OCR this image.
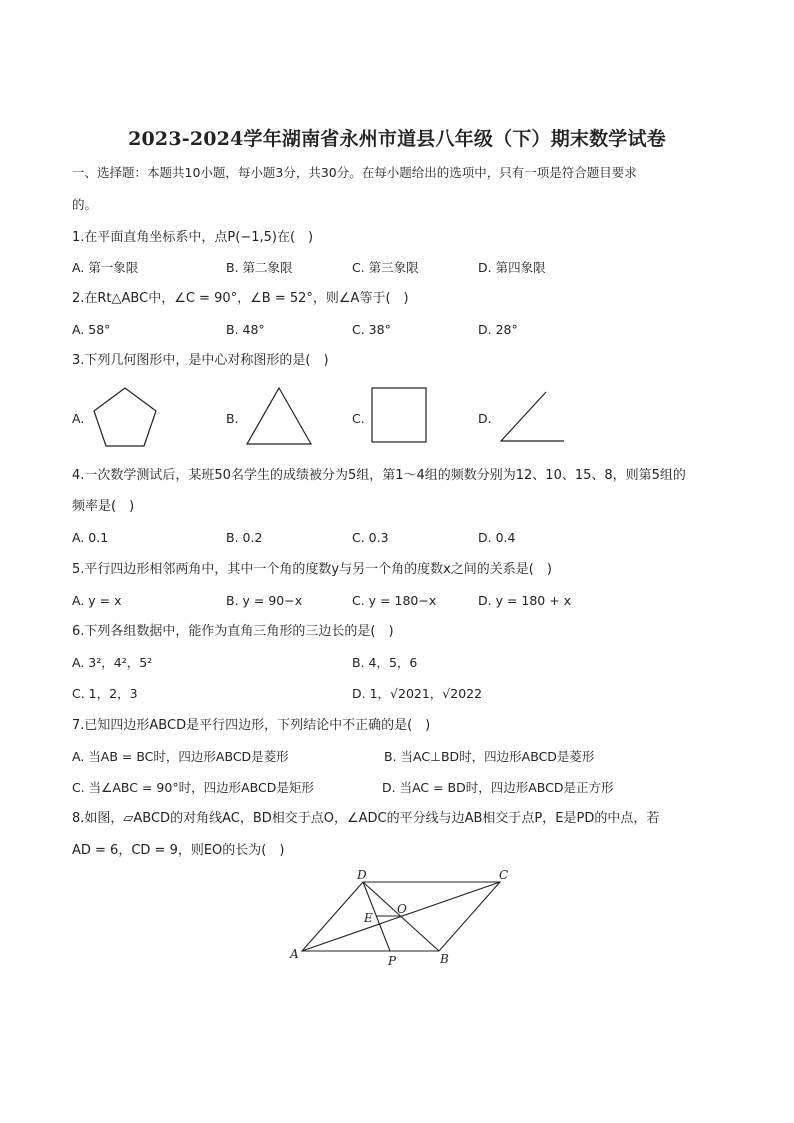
2023-2024学年湖南省永州市道县八年级（下）期末数学试卷
一、选择题：本题共10小题，每小题3分，共30分。在每小题给出的选项中，只有一项是符合题目要求
的。
1.在平面直角坐标系中，点P(−1,5)在(　)
A. 第一象限	B. 第二象限	C. 第三象限	D. 第四象限
2.在Rt△ABC中，∠C = 90°，∠B = 52°，则∠A等于(　)
A. 58°	B. 48°	C. 38°	D. 28°
3.下列几何图形中，是中心对称图形的是(　)
A.	B.	C.	D.
4.一次数学测试后，某班50名学生的成绩被分为5组，第1～4组的频数分别为12、10、15、8，则第5组的
频率是(　)
A. 0.1	B. 0.2	C. 0.3	D. 0.4
5.平行四边形相邻两角中，其中一个角的度数y与另一个角的度数x之间的关系是(　)
A. y = x	B. y = 90−x	C. y = 180−x	D. y = 180 + x
6.下列各组数据中，能作为直角三角形的三边长的是(　)
A. 3²，4²，5²	B. 4，5，6
C. 1，2，3	D. 1，√2021，√2022
7.已知四边形ABCD是平行四边形，下列结论中不正确的是(　)
A. 当AB = BC时，四边形ABCD是菱形	B. 当AC⊥BD时，四边形ABCD是菱形
C. 当∠ABC = 90°时，四边形ABCD是矩形	D. 当AC = BD时，四边形ABCD是正方形
8.如图，▱ABCD的对角线AC，BD相交于点O，∠ADC的平分线与边AB相交于点P，E是PD的中点，若
AD = 6，CD = 9，则EO的长为(　)
D	C
E
O
A	P	B
